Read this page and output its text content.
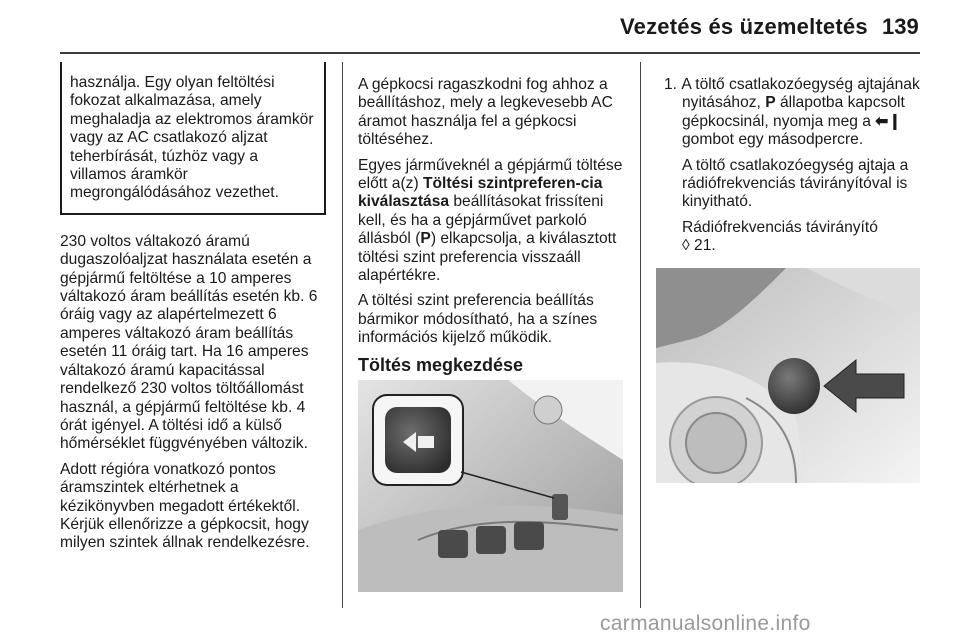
Vezetés és üzemeltetés 139

használja. Egy olyan feltöltési fokozat alkalmazása, amely meghaladja az elektromos áramkör vagy az AC csatlakozó aljzat teherbírását, túzhöz vagy a villamos áramkör megrongálódásához vezethet.

230 voltos váltakozó áramú dugaszolóaljzat használata esetén a gépjármű feltöltése a 10 amperes váltakozó áram beállítás esetén kb. 6 óráig vagy az alapértelmezett 6 amperes váltakozó áram beállítás esetén 11 óráig tart. Ha 16 amperes váltakozó áramú kapacitással rendelkező 230 voltos töltőállomást használ, a gépjármű feltöltése kb. 4 órát igényel. A töltési idő a külső hőmérséklet függvényében változik.

Adott régióra vonatkozó pontos áramszintek eltérhetnek a kézikönyvben megadott értékektől. Kérjük ellenőrizze a gépkocsit, hogy milyen szintek állnak rendelkezésre.

A gépkocsi ragaszkodni fog ahhoz a beállításhoz, mely a legkevesebb AC áramot használja fel a gépkocsi töltéséhez.

Egyes járműveknél a gépjármű töltése előtt a(z) Töltési szintpreferen-cia kiválasztása beállításokat frissíteni kell, és ha a gépjárművet parkoló állásból (P) elkapcsolja, a kiválasztott töltési szint preferencia visszaáll alapértékre.

A töltési szint preferencia beállítás bármikor módosítható, ha a színes információs kijelző működik.

Töltés megkezdése

1. A töltő csatlakozóegység ajtajának nyitásához, P állapotba kapcsolt gépkocsinál, nyomja meg a ⬅❙ gombot egy másodpercre.

A töltő csatlakozóegység ajtaja a rádiófrekvenciás távirányítóval is kinyitható.

Rádiófrekvenciás távirányító

◊ 21.

carmanualsonline.info
